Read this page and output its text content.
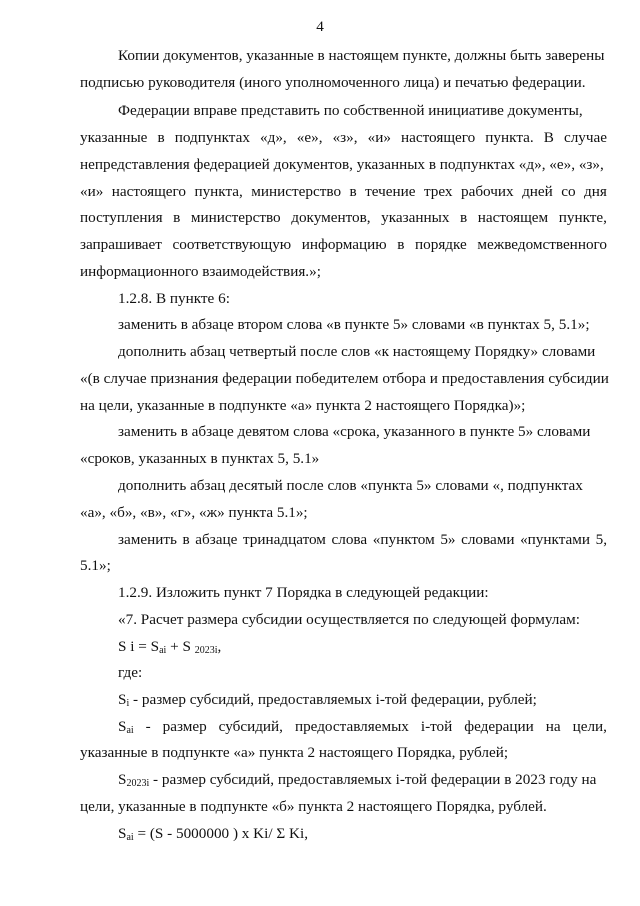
4
Копии документов, указанные в настоящем пункте, должны быть заверены
подписью руководителя (иного уполномоченного лица) и печатью федерации.
Федерации вправе представить по собственной инициативе документы,
указанные в подпунктах «д», «е», «з», «и» настоящего пункта. В случае
непредставления федерацией документов, указанных в подпунктах «д», «е», «з»,
«и» настоящего пункта, министерство в течение трех рабочих дней со дня
поступления в министерство документов, указанных в настоящем пункте,
запрашивает соответствующую информацию в порядке межведомственного
информационного взаимодействия.»;
1.2.8. В пункте 6:
заменить в абзаце втором слова «в пункте 5» словами «в пунктах 5, 5.1»;
дополнить абзац четвертый после слов «к настоящему Порядку» словами
«(в случае признания федерации победителем отбора и предоставления субсидии
на цели, указанные в подпункте «а» пункта 2 настоящего Порядка)»;
заменить в абзаце девятом слова «срока, указанного в пункте 5» словами
«сроков, указанных в пунктах 5, 5.1»
дополнить абзац десятый после слов «пункта 5» словами «, подпунктах
«а», «б», «в», «г», «ж» пункта 5.1»;
заменить в абзаце тринадцатом слова «пунктом 5» словами «пунктами 5,
5.1»;
1.2.9. Изложить пункт 7 Порядка в следующей редакции:
«7. Расчет размера субсидии осуществляется по следующей формулам:
S $i = S_{ai} + S$ $_{2023i}$,
где:
$S_i$ - размер субсидий, предоставляемых i-той федерации, рублей;
$S_{ai}$ - размер субсидий, предоставляемых i-той федерации на цели,
указанные в подпункте «а» пункта 2 настоящего Порядка, рублей;
$S_{2023i}$ - размер субсидий, предоставляемых i-той федерации в 2023 году на
цели, указанные в подпункте «б» пункта 2 настоящего Порядка, рублей.
$S_{ai} = (S - 5000000$ ) x Ki/ Σ Ki,
